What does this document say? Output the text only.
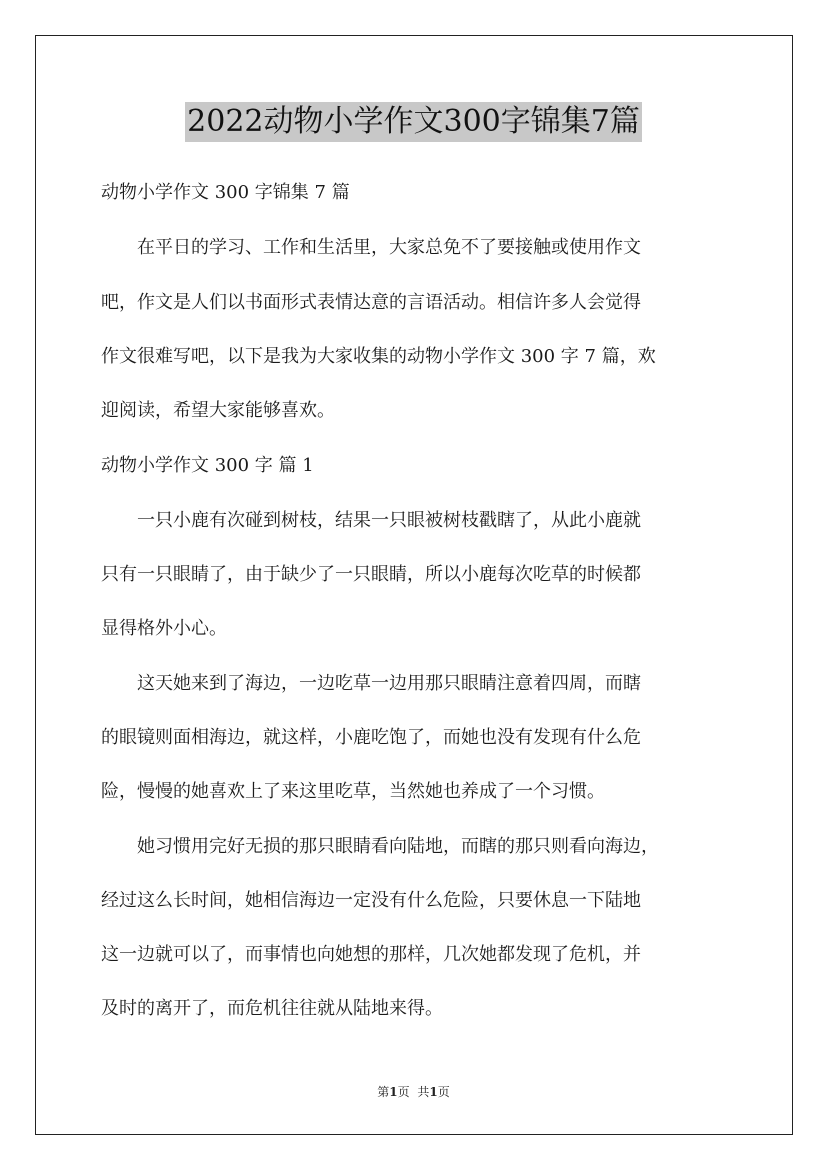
2022动物小学作文300字锦集7篇
动物小学作文 300 字锦集 7 篇
　　在平日的学习、工作和生活里，大家总免不了要接触或使用作文
吧，作文是人们以书面形式表情达意的言语活动。相信许多人会觉得
作文很难写吧，以下是我为大家收集的动物小学作文 300 字 7 篇，欢
迎阅读，希望大家能够喜欢。
动物小学作文 300 字 篇 1
　　一只小鹿有次碰到树枝，结果一只眼被树枝戳瞎了，从此小鹿就
只有一只眼睛了，由于缺少了一只眼睛，所以小鹿每次吃草的时候都
显得格外小心。
　　这天她来到了海边，一边吃草一边用那只眼睛注意着四周，而瞎
的眼镜则面相海边，就这样，小鹿吃饱了，而她也没有发现有什么危
险，慢慢的她喜欢上了来这里吃草，当然她也养成了一个习惯。
　　她习惯用完好无损的那只眼睛看向陆地，而瞎的那只则看向海边，
经过这么长时间，她相信海边一定没有什么危险，只要休息一下陆地
这一边就可以了，而事情也向她想的那样，几次她都发现了危机，并
及时的离开了，而危机往往就从陆地来得。
第1页 共1页
